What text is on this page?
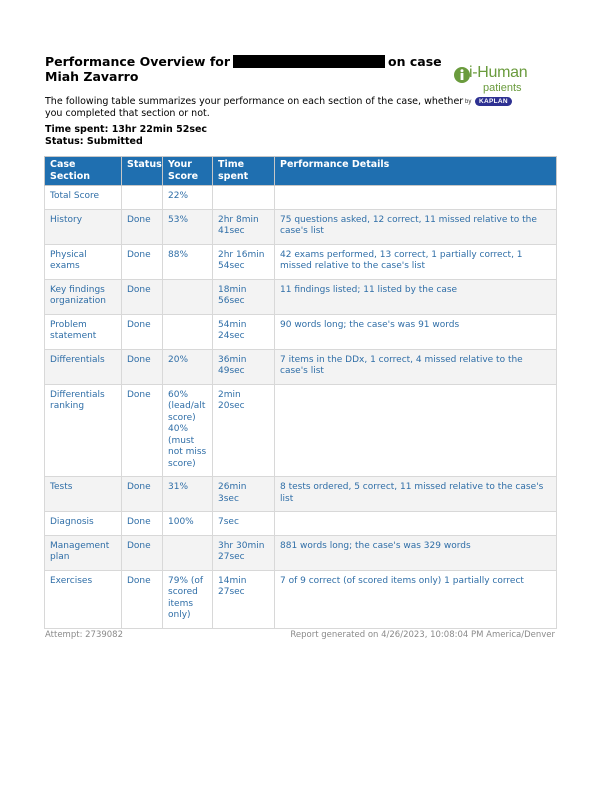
Performance Overview for	on case
Miah Zavarro	i-Human
patients
by	KAPLAN
The following table summarizes your performance on each section of the case, whether you completed that section or not.
Time spent: 13hr 22min 52sec
Status: Submitted
Case Section	Status	Your Score	Time spent	Performance Details
Total Score		22%		
History	Done	53%	2hr 8min 41sec	75 questions asked, 12 correct, 11 missed relative to the case's list
Physical exams	Done	88%	2hr 16min 54sec	42 exams performed, 13 correct, 1 partially correct, 1 missed relative to the case's list
Key findings organization	Done		18min 56sec	11 findings listed; 11 listed by the case
Problem statement	Done		54min 24sec	90 words long; the case's was 91 words
Differentials	Done	20%	36min 49sec	7 items in the DDx, 1 correct, 4 missed relative to the case's list
Differentials ranking	Done	60% (lead/alt score) 40% (must not miss score)	2min 20sec	
Tests	Done	31%	26min 3sec	8 tests ordered, 5 correct, 11 missed relative to the case's list
Diagnosis	Done	100%	7sec	
Management plan	Done		3hr 30min 27sec	881 words long; the case's was 329 words
Exercises	Done	79% (of scored items only)	14min 27sec	7 of 9 correct (of scored items only) 1 partially correct
Attempt: 2739082	Report generated on 4/26/2023, 10:08:04 PM America/Denver
